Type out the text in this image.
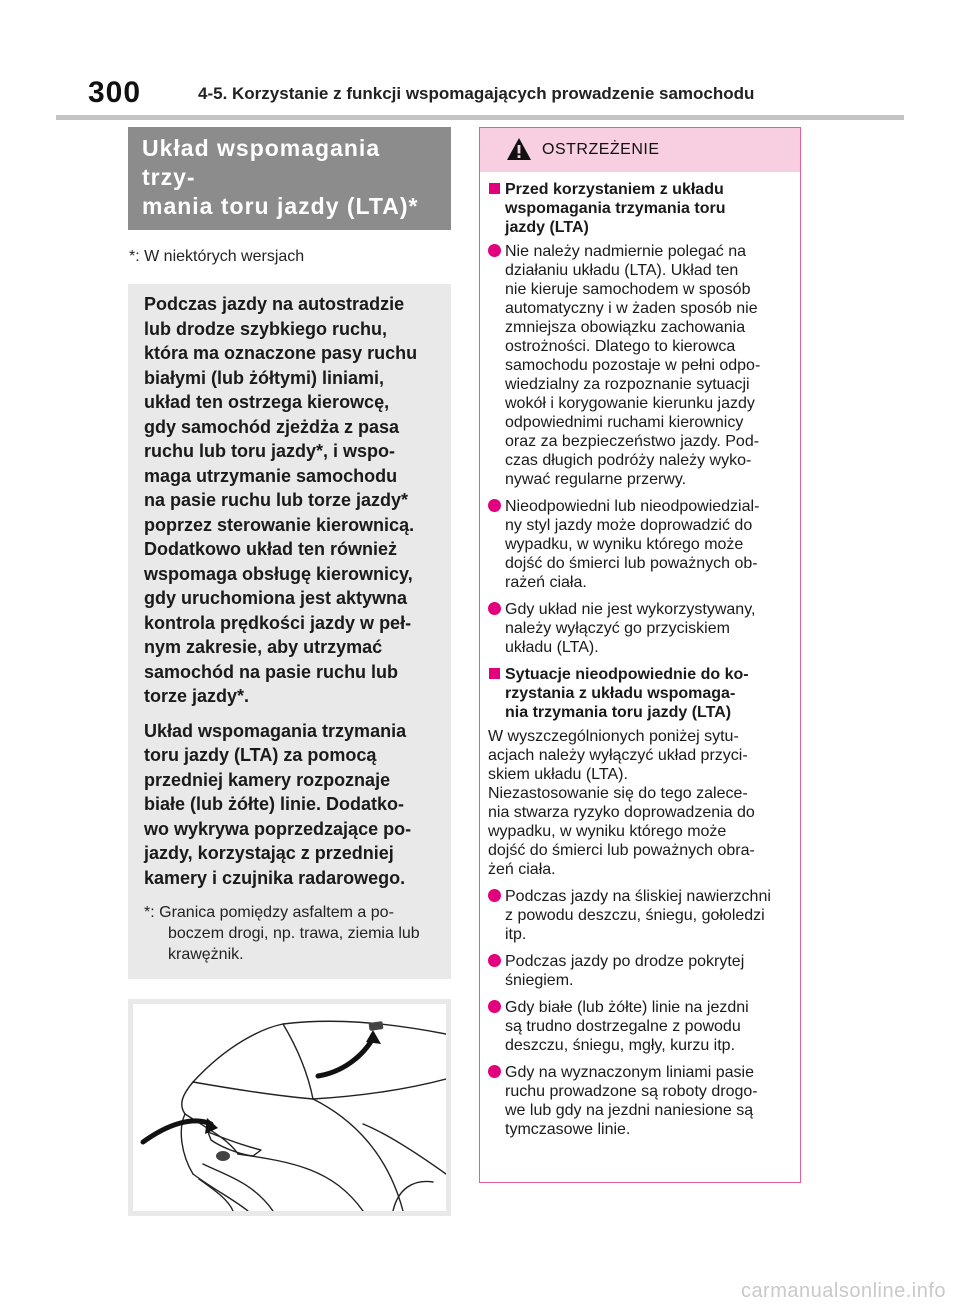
300	4-5. Korzystanie z funkcji wspomagających prowadzenie samochodu
Układ wspomagania trzy-
mania toru jazdy (LTA)*
*: W niektórych wersjach

Podczas jazdy na autostradzie
lub drodze szybkiego ruchu,
która ma oznaczone pasy ruchu
białymi (lub żółtymi) liniami,
układ ten ostrzega kierowcę,
gdy samochód zjeżdża z pasa
ruchu lub toru jazdy*, i wspo-
maga utrzymanie samochodu
na pasie ruchu lub torze jazdy*
poprzez sterowanie kierownicą.
Dodatkowo układ ten również
wspomaga obsługę kierownicy,
gdy uruchomiona jest aktywna
kontrola prędkości jazdy w peł-
nym zakresie, aby utrzymać
samochód na pasie ruchu lub
torze jazdy*.

Układ wspomagania trzymania
toru jazdy (LTA) za pomocą
przedniej kamery rozpoznaje
białe (lub żółte) linie. Dodatko-
wo wykrywa poprzedzające po-
jazdy, korzystając z przedniej
kamery i czujnika radarowego.

*: Granica pomiędzy asfaltem a po-
boczem drogi, np. trawa, ziemia lub
krawężnik.
OSTRZEŻENIE
Przed korzystaniem z układu
wspomagania trzymania toru
jazdy (LTA)
Nie należy nadmiernie polegać na
działaniu układu (LTA). Układ ten
nie kieruje samochodem w sposób
automatyczny i w żaden sposób nie
zmniejsza obowiązku zachowania
ostrożności. Dlatego to kierowca
samochodu pozostaje w pełni odpo-
wiedzialny za rozpoznanie sytuacji
wokół i korygowanie kierunku jazdy
odpowiednimi ruchami kierownicy
oraz za bezpieczeństwo jazdy. Pod-
czas długich podróży należy wyko-
nywać regularne przerwy.
Nieodpowiedni lub nieodpowiedzial-
ny styl jazdy może doprowadzić do
wypadku, w wyniku którego może
dojść do śmierci lub poważnych ob-
rażeń ciała.
Gdy układ nie jest wykorzystywany,
należy wyłączyć go przyciskiem
układu (LTA).
Sytuacje nieodpowiednie do ko-
rzystania z układu wspomaga-
nia trzymania toru jazdy (LTA)
W wyszczególnionych poniżej sytu-
acjach należy wyłączyć układ przyci-
skiem układu (LTA).
Niezastosowanie się do tego zalece-
nia stwarza ryzyko doprowadzenia do
wypadku, w wyniku którego może
dojść do śmierci lub poważnych obra-
żeń ciała.
Podczas jazdy na śliskiej nawierzchni
z powodu deszczu, śniegu, gołoledzi
itp.
Podczas jazdy po drodze pokrytej
śniegiem.
Gdy białe (lub żółte) linie na jezdni
są trudno dostrzegalne z powodu
deszczu, śniegu, mgły, kurzu itp.
Gdy na wyznaczonym liniami pasie
ruchu prowadzone są roboty drogo-
we lub gdy na jezdni naniesione są
tymczasowe linie.
carmanualsonline.info
